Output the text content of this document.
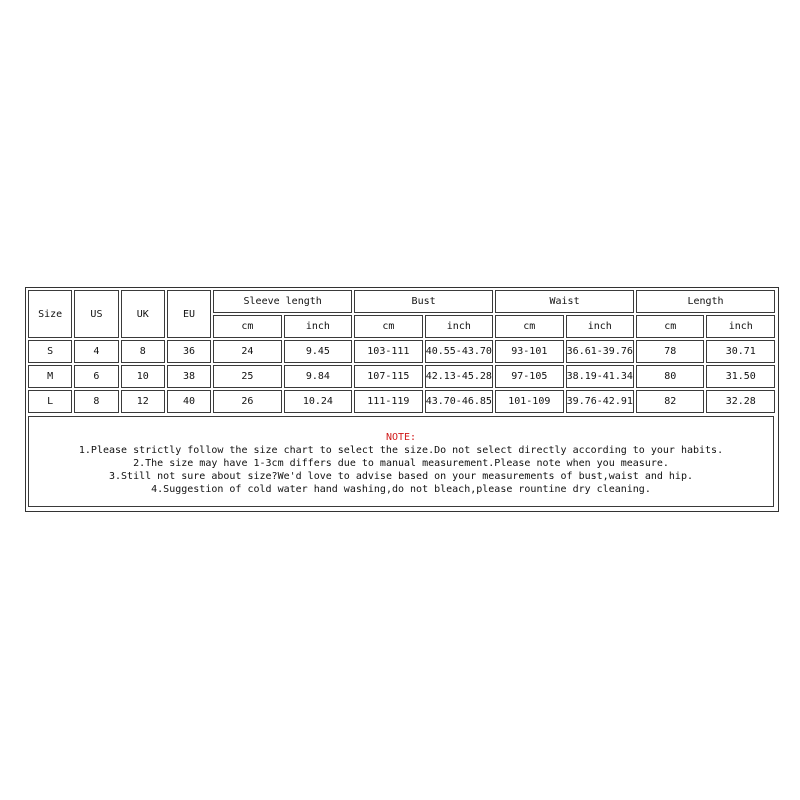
Size	US	UK	EU	Sleeve length		Bust		Waist		Length	
				cm	inch	cm	inch	cm	inch	cm	inch
S	4	8	36	24	9.45	103-111	40.55-43.70	93-101	36.61-39.76	78	30.71
M	6	10	38	25	9.84	107-115	42.13-45.28	97-105	38.19-41.34	80	31.50
L	8	12	40	26	10.24	111-119	43.70-46.85	101-109	39.76-42.91	82	32.28
NOTE:
1.Please strictly follow the size chart to select the size.Do not select directly according to your habits.
2.The size may have 1-3cm differs due to manual measurement.Please note when you measure.
3.Still not sure about size?We'd love to advise based on your measurements of bust,waist and hip.
4.Suggestion of cold water hand washing,do not bleach,please rountine dry cleaning.
